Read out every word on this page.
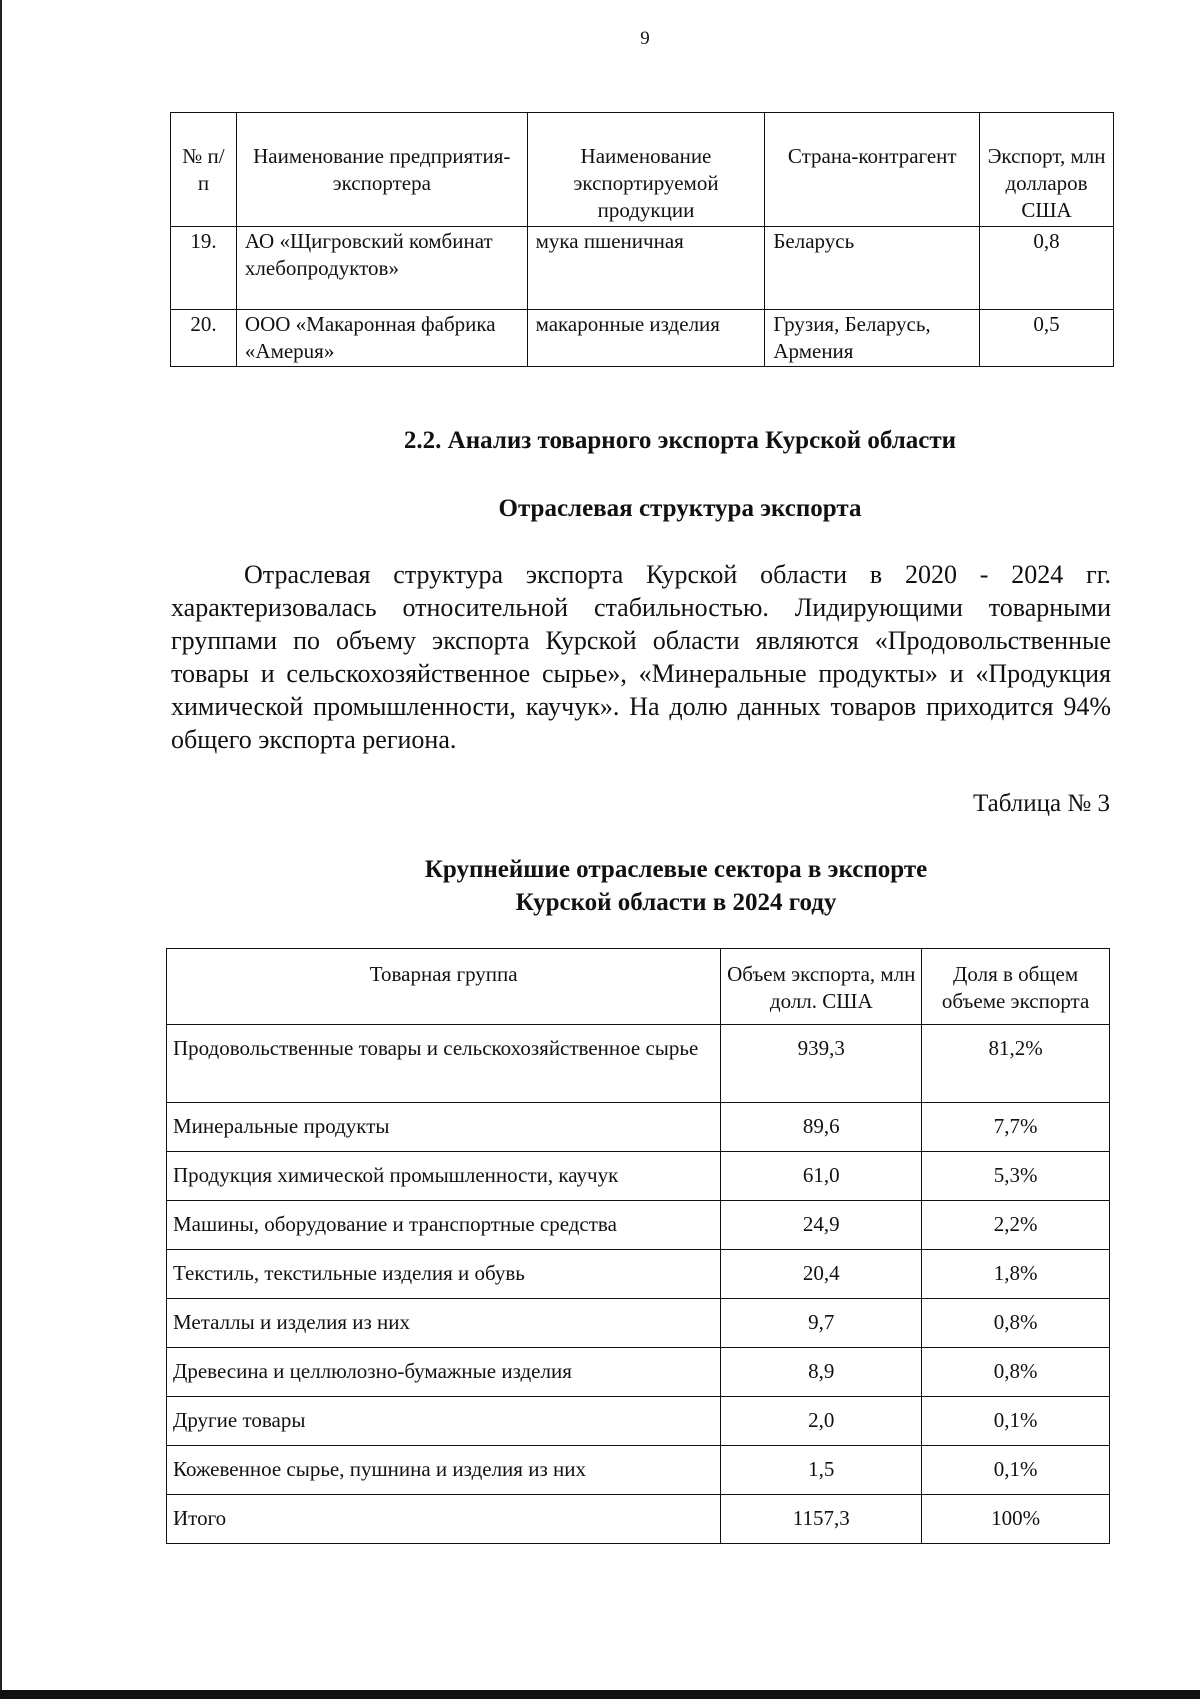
9
№ п/п	Наименование предприятия-экспортера	Наименование экспортируемой продукции	Страна-контрагент	Экспорт, млн долларов США
19.	АО «Щигровский комбинат хлебопродуктов»	мука пшеничная	Беларусь	0,8
20.	ООО «Макаронная фабрика «Амерuя»	макаронные изделия	Грузия, Беларусь, Армения	0,5
2.2. Анализ товарного экспорта Курской области
Отраслевая структура экспорта
Отраслевая структура экспорта Курской области в 2020 - 2024 гг. характеризовалась относительной стабильностью. Лидирующими товарными группами по объему экспорта Курской области являются «Продовольственные товары и сельскохозяйственное сырье», «Минеральные продукты» и «Продукция химической промышленности, каучук». На долю данных товаров приходится 94% общего экспорта региона.
Таблица № 3
Крупнейшие отраслевые сектора в экспорте
Курской области в 2024 году
Товарная группа	Объем экспорта, млн долл. США	Доля в общем объеме экспорта
Продовольственные товары и сельскохозяйственное сырье	939,3	81,2%
Минеральные продукты	89,6	7,7%
Продукция химической промышленности, каучук	61,0	5,3%
Машины, оборудование и транспортные средства	24,9	2,2%
Текстиль, текстильные изделия и обувь	20,4	1,8%
Металлы и изделия из них	9,7	0,8%
Древесина и целлюлозно-бумажные изделия	8,9	0,8%
Другие товары	2,0	0,1%
Кожевенное сырье, пушнина и изделия из них	1,5	0,1%
Итого	1157,3	100%
